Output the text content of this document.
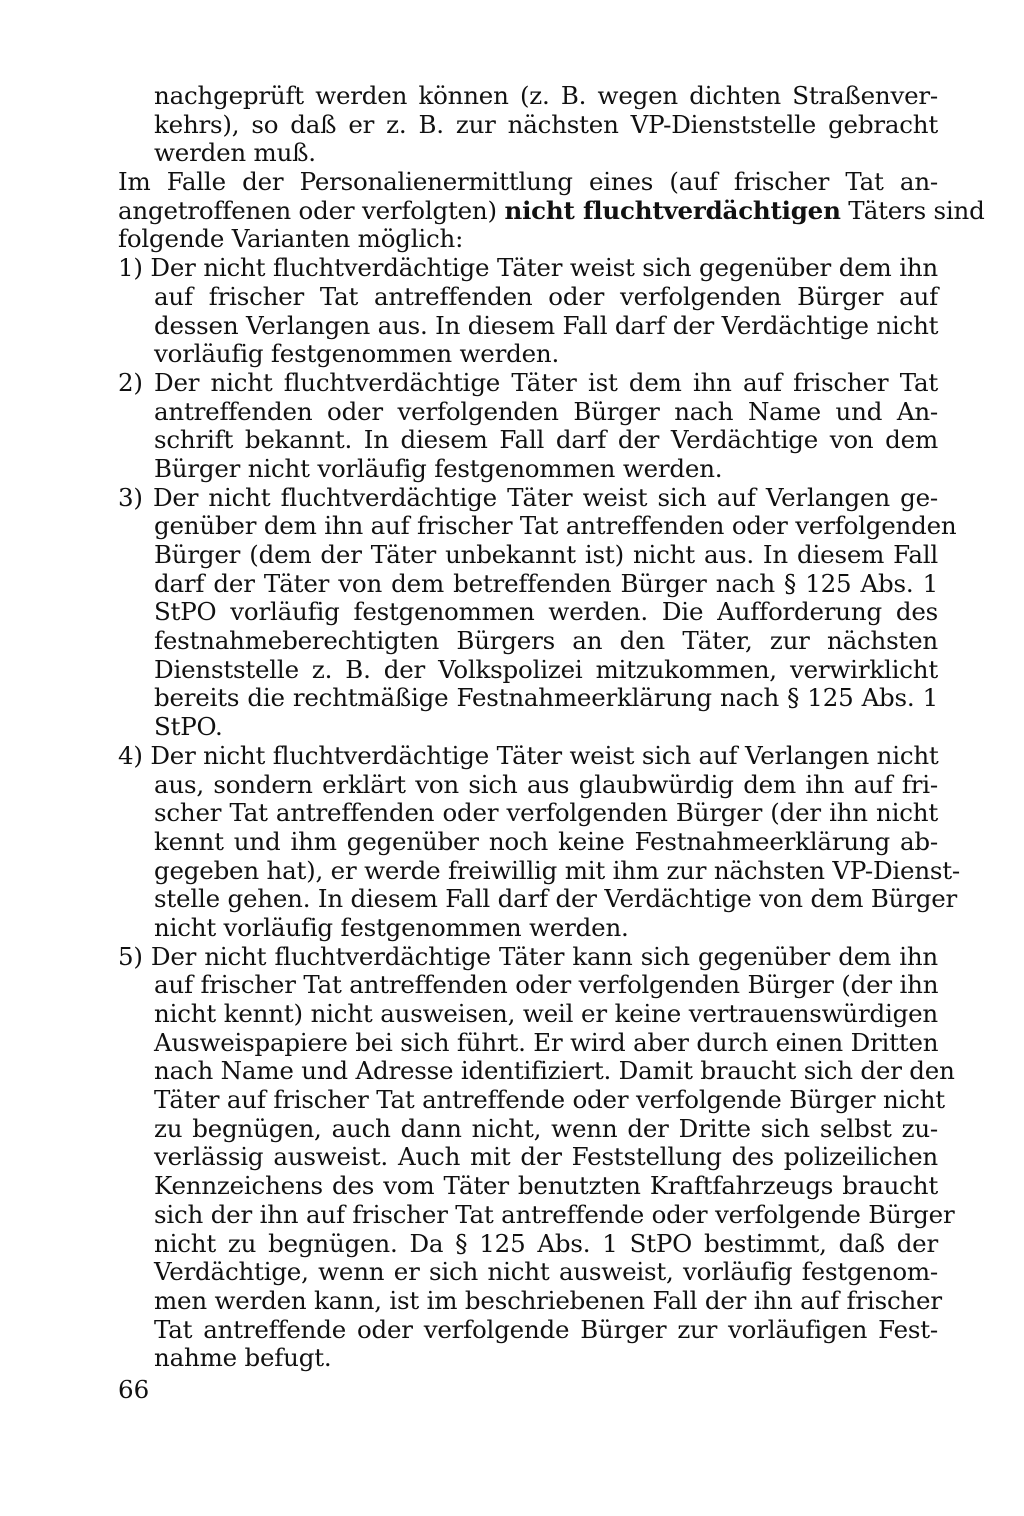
nachgeprüft werden können (z. B. wegen dichten Straßenver-
kehrs), so daß er z. B. zur nächsten VP-Dienststelle gebracht
werden muß.
Im Falle der Personalienermittlung eines (auf frischer Tat an-
angetroffenen oder verfolgten) nicht fluchtverdächtigen Täters sind
folgende Varianten möglich:
1) Der nicht fluchtverdächtige Täter weist sich gegenüber dem ihn
auf frischer Tat antreffenden oder verfolgenden Bürger auf
dessen Verlangen aus. In diesem Fall darf der Verdächtige nicht
vorläufig festgenommen werden.
2) Der nicht fluchtverdächtige Täter ist dem ihn auf frischer Tat
antreffenden oder verfolgenden Bürger nach Name und An-
schrift bekannt. In diesem Fall darf der Verdächtige von dem
Bürger nicht vorläufig festgenommen werden.
3) Der nicht fluchtverdächtige Täter weist sich auf Verlangen ge-
genüber dem ihn auf frischer Tat antreffenden oder verfolgenden
Bürger (dem der Täter unbekannt ist) nicht aus. In diesem Fall
darf der Täter von dem betreffenden Bürger nach § 125 Abs. 1
StPO vorläufig festgenommen werden. Die Aufforderung des
festnahmeberechtigten Bürgers an den Täter, zur nächsten
Dienststelle z. B. der Volkspolizei mitzukommen, verwirklicht
bereits die rechtmäßige Festnahmeerklärung nach § 125 Abs. 1
StPO.
4) Der nicht fluchtverdächtige Täter weist sich auf Verlangen nicht
aus, sondern erklärt von sich aus glaubwürdig dem ihn auf fri-
scher Tat antreffenden oder verfolgenden Bürger (der ihn nicht
kennt und ihm gegenüber noch keine Festnahmeerklärung ab-
gegeben hat), er werde freiwillig mit ihm zur nächsten VP-Dienst-
stelle gehen. In diesem Fall darf der Verdächtige von dem Bürger
nicht vorläufig festgenommen werden.
5) Der nicht fluchtverdächtige Täter kann sich gegenüber dem ihn
auf frischer Tat antreffenden oder verfolgenden Bürger (der ihn
nicht kennt) nicht ausweisen, weil er keine vertrauenswürdigen
Ausweispapiere bei sich führt. Er wird aber durch einen Dritten
nach Name und Adresse identifiziert. Damit braucht sich der den
Täter auf frischer Tat antreffende oder verfolgende Bürger nicht
zu begnügen, auch dann nicht, wenn der Dritte sich selbst zu-
verlässig ausweist. Auch mit der Feststellung des polizeilichen
Kennzeichens des vom Täter benutzten Kraftfahrzeugs braucht
sich der ihn auf frischer Tat antreffende oder verfolgende Bürger
nicht zu begnügen. Da § 125 Abs. 1 StPO bestimmt, daß der
Verdächtige, wenn er sich nicht ausweist, vorläufig festgenom-
men werden kann, ist im beschriebenen Fall der ihn auf frischer
Tat antreffende oder verfolgende Bürger zur vorläufigen Fest-
nahme befugt.
66
